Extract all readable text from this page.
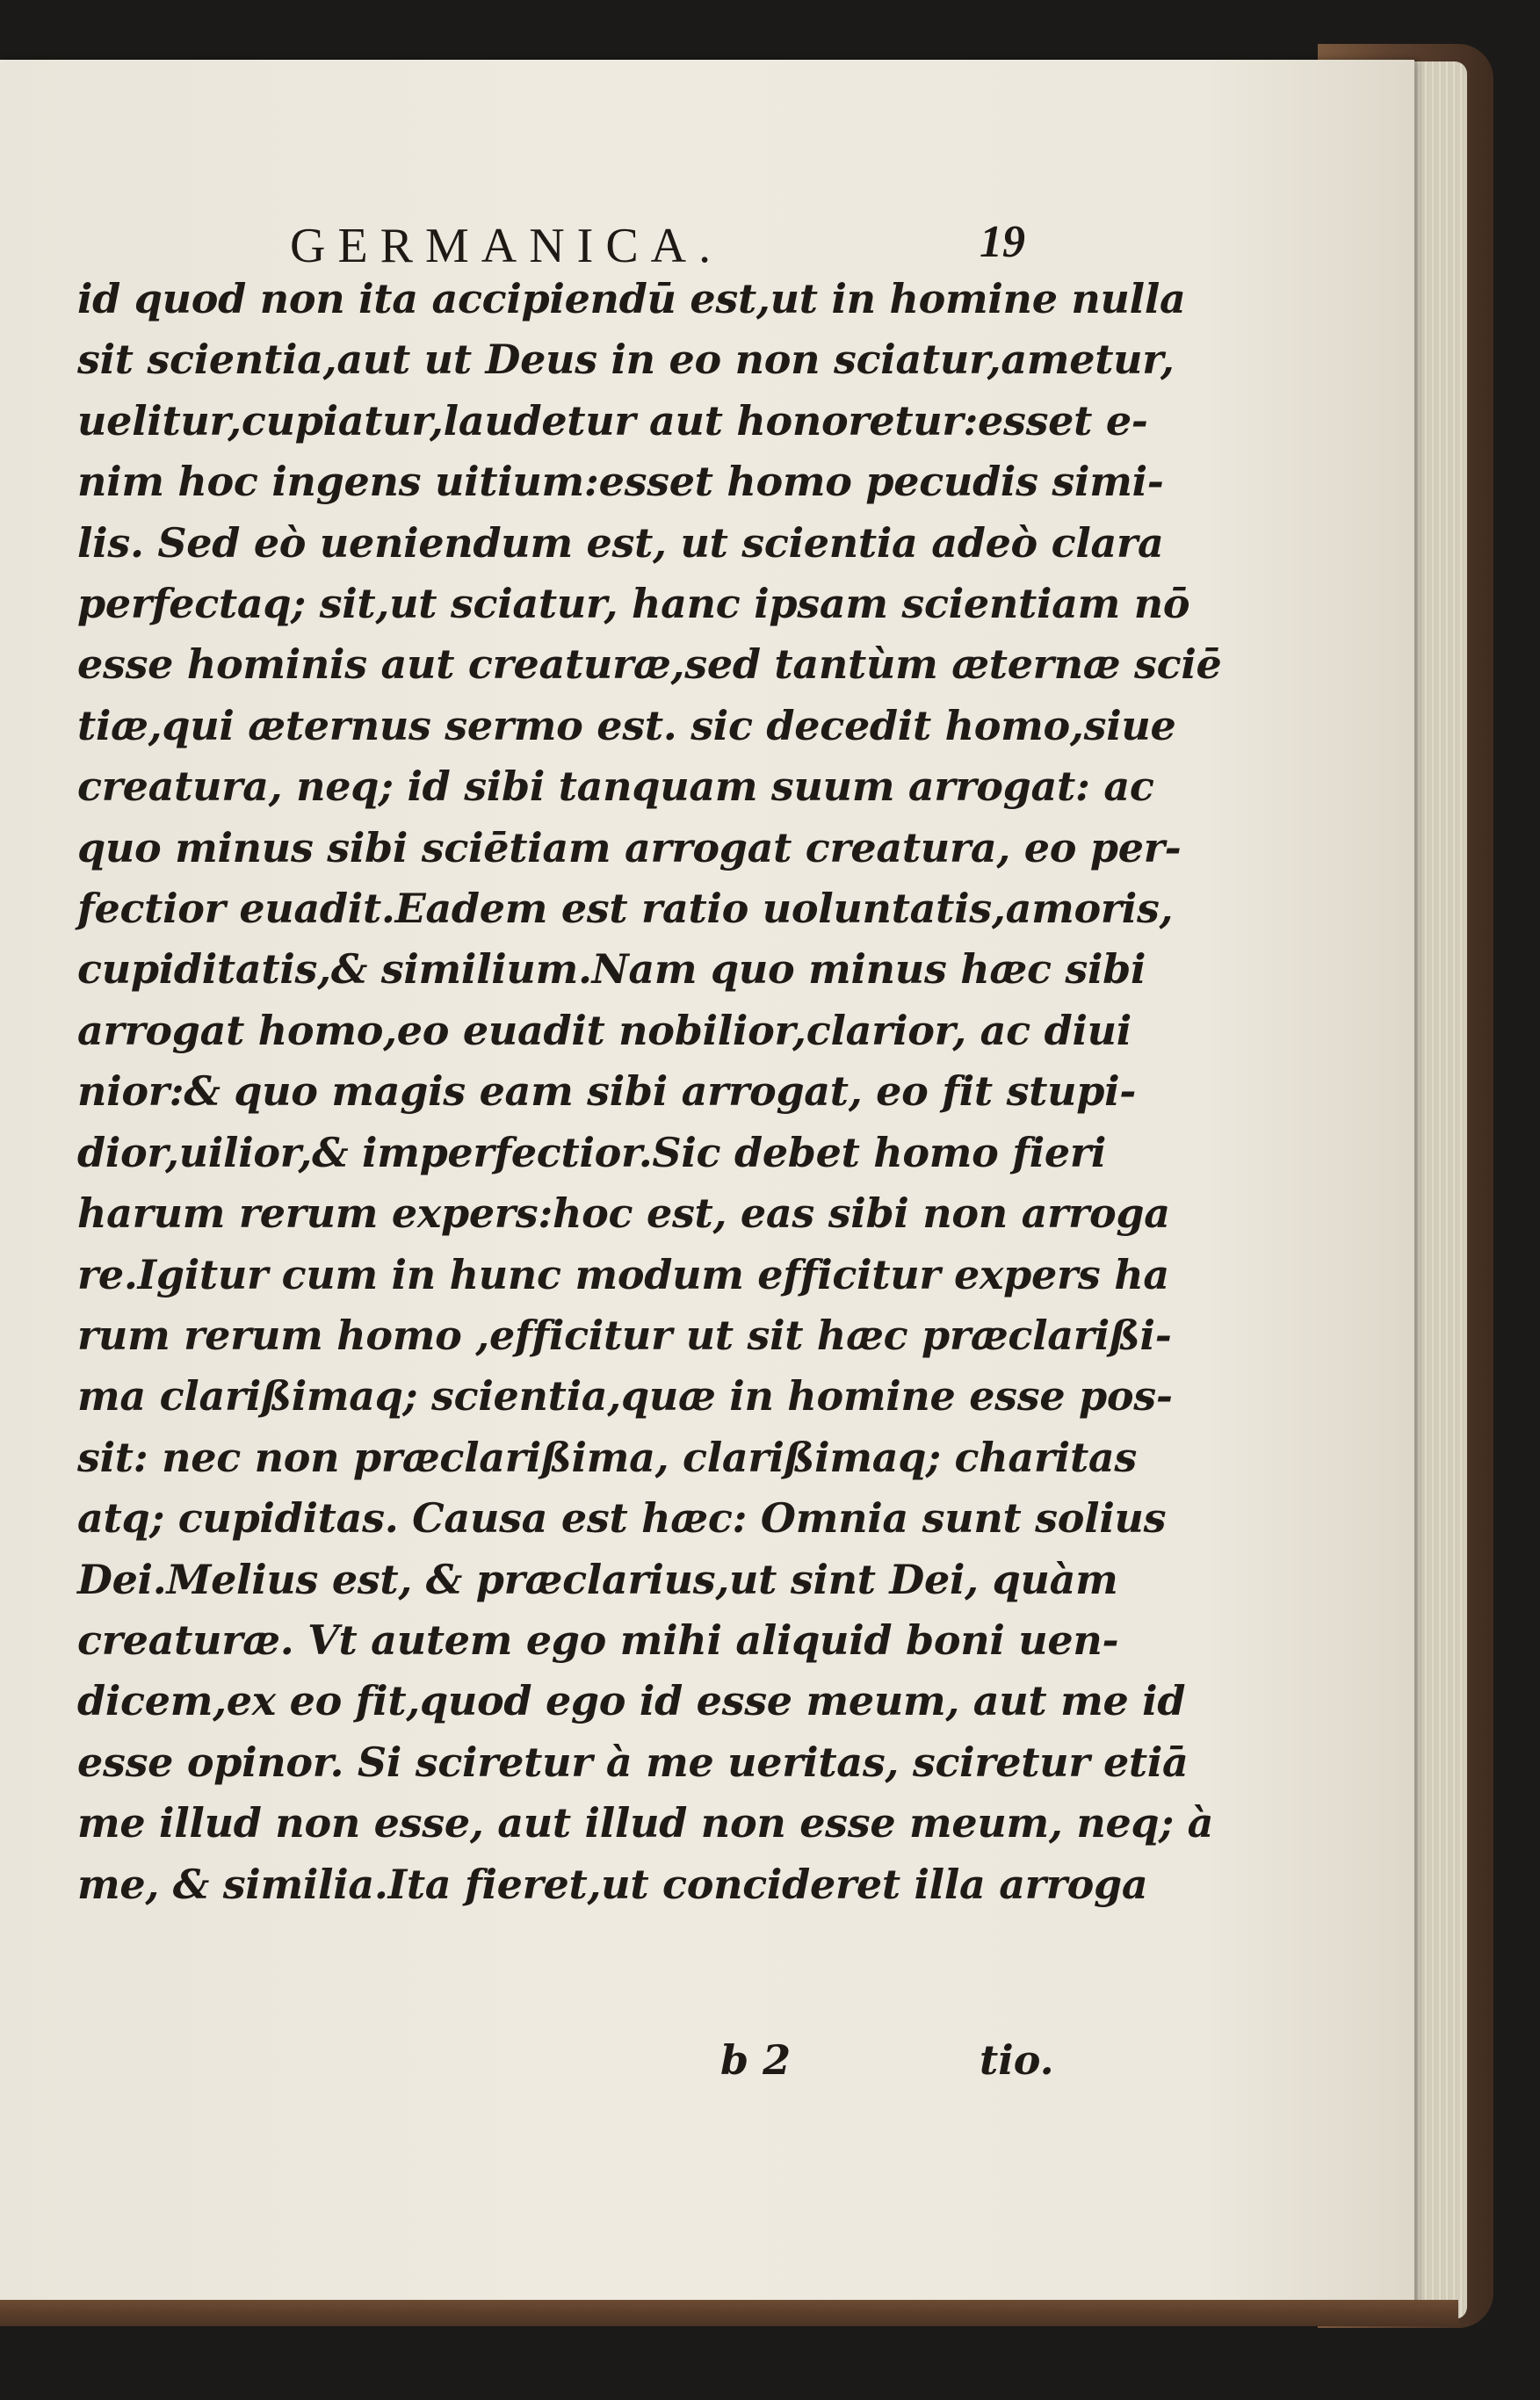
GERMANICA.	19
id quod non ita accipiendū est,ut in homine nulla
sit scientia,aut ut Deus in eo non sciatur,ametur,
uelitur,cupiatur,laudetur aut honoretur:esset e-
nim hoc ingens uitium:esset homo pecudis simi-
lis. Sed eò ueniendum est, ut scientia adeò clara
perfectaq; sit,ut sciatur, hanc ipsam scientiam nō
esse hominis aut creaturæ,sed tantùm æternæ sciē
tiæ,qui æternus sermo est. sic decedit homo,siue
creatura, neq; id sibi tanquam suum arrogat: ac
quo minus sibi sciētiam arrogat creatura, eo per-
fectior euadit.Eadem est ratio uoluntatis,amoris,
cupiditatis,& similium.Nam quo minus hæc sibi
arrogat homo,eo euadit nobilior,clarior, ac diui
nior:& quo magis eam sibi arrogat, eo fit stupi-
dior,uilior,& imperfectior.Sic debet homo fieri
harum rerum expers:hoc est, eas sibi non arroga
re.Igitur cum in hunc modum efficitur expers ha
rum rerum homo ,efficitur ut sit hæc præclarißi-
ma clarißimaq; scientia,quæ in homine esse pos-
sit: nec non præclarißima, clarißimaq; charitas
atq; cupiditas. Causa est hæc: Omnia sunt solius
Dei.Melius est, & præclarius,ut sint Dei, quàm
creaturæ. Vt autem ego mihi aliquid boni uen-
dicem,ex eo fit,quod ego id esse meum, aut me id
esse opinor. Si sciretur à me ueritas, sciretur etiā
me illud non esse, aut illud non esse meum, neq; à
me, & similia.Ita fieret,ut concideret illa arroga
b 2	tio.
